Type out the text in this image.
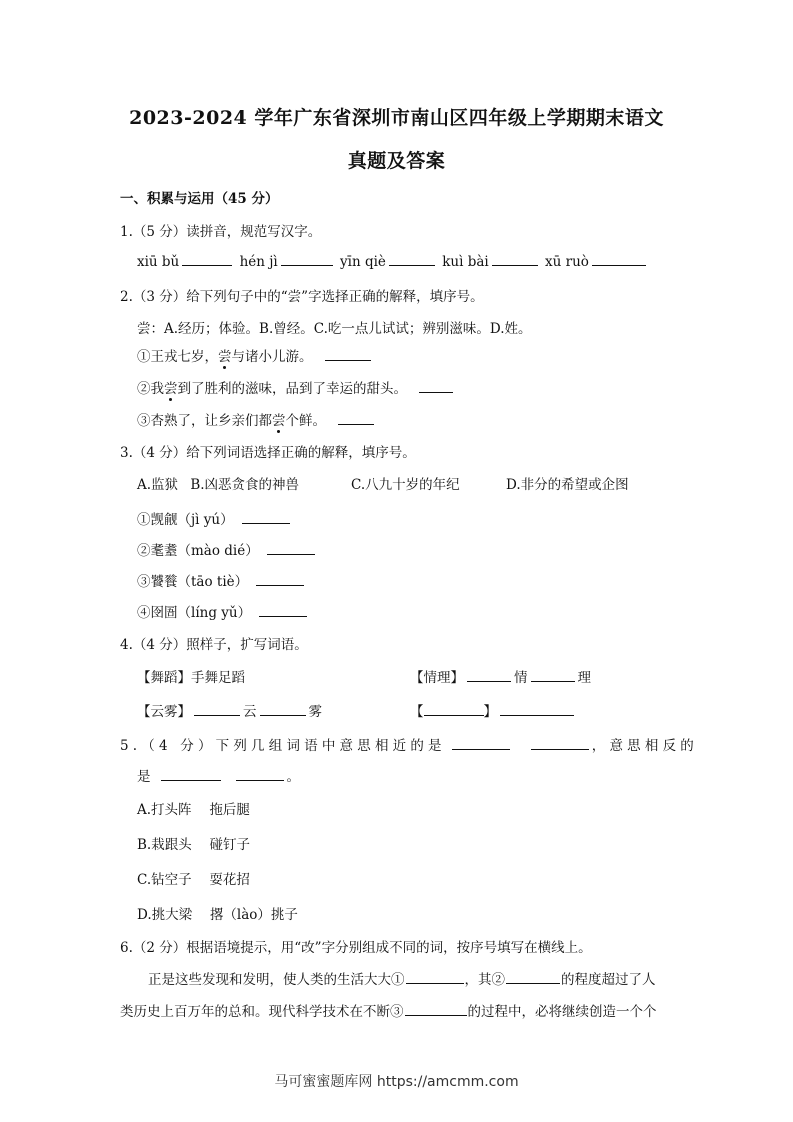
2023-2024 学年广东省深圳市南山区四年级上学期期末语文
真题及答案
一、积累与运用（45 分）
1.（5 分）读拼音，规范写汉字。
xiū bǔ	hén jì	yīn qiè	kuì bài	xū ruò
2.（3 分）给下列句子中的“尝”字选择正确的解释，填序号。
尝：A.经历；体验。B.曾经。C.吃一点儿试试；辨别滋味。D.姓。
①王戎七岁，尝与诸小儿游。
②我尝到了胜利的滋味，品到了幸运的甜头。
③杏熟了，让乡亲们都尝个鲜。
3.（4 分）给下列词语选择正确的解释，填序号。
A.监狱 B.凶恶贪食的神兽	C.八九十岁的年纪	D.非分的希望或企图
①觊觎（jì yú）
②耄耋（mào dié）
③饕餮（tāo tiè）
④囹圄（líng yǔ）
4.（4 分）照样子，扩写词语。
【舞蹈】手舞足蹈	【情理】	情	理
【云雾】	云	雾	【	】
5.（4 分）下列几组词语中意思相近的是	，意思相反的
是	。
A.打头阵　 拖后腿
B.栽跟头　 碰钉子
C.钻空子　 耍花招
D.挑大梁　 撂（lào）挑子
6.（2 分）根据语境提示，用“改”字分别组成不同的词，按序号填写在横线上。
正是这些发现和发明，使人类的生活大大①	，其②	的程度超过了人
类历史上百万年的总和。现代科学技术在不断③	的过程中，必将继续创造一个个
马可蜜蜜题库网 https://amcmm.com
